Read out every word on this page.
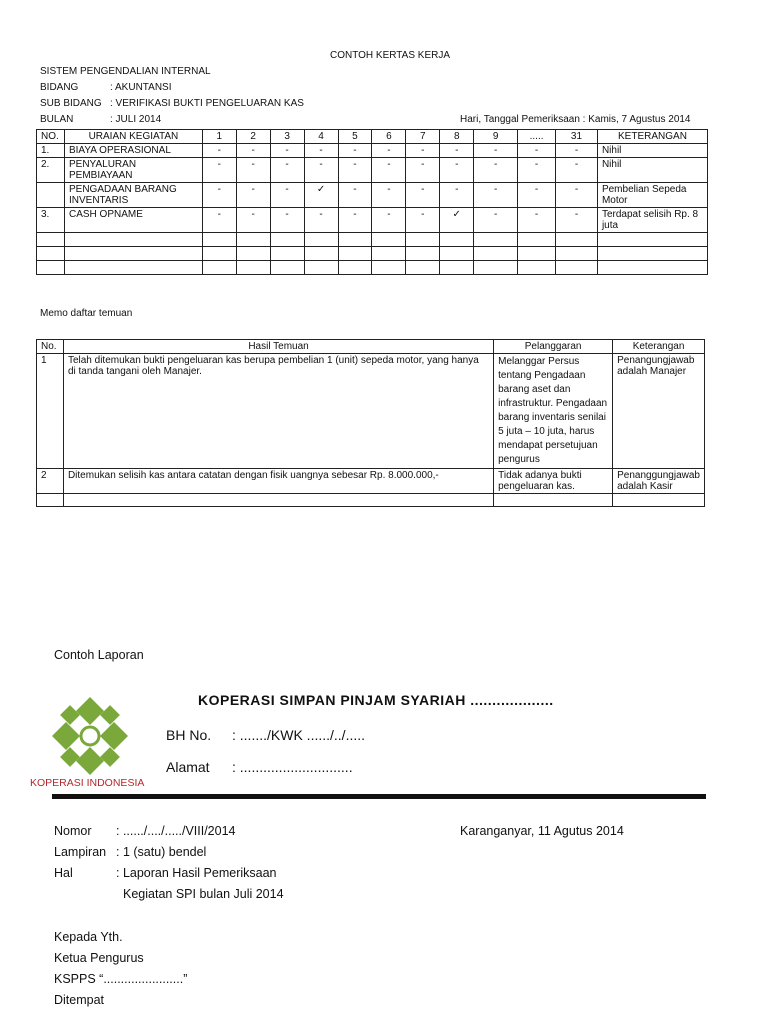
CONTOH KERTAS KERJA
SISTEM PENGENDALIAN INTERNAL
BIDANG	: AKUNTANSI
SUB BIDANG : VERIFIKASI BUKTI PENGELUARAN KAS
BULAN	: JULI 2014	Hari, Tanggal Pemeriksaan : Kamis, 7 Agustus 2014
NO.	URAIAN KEGIATAN	1	2	3	4	5	6	7	8	9	.....	31	KETERANGAN
1.	BIAYA OPERASIONAL	-	-	-	-	-	-	-	-	-	-	-	Nihil
2.	PENYALURAN PEMBIAYAAN	-	-	-	-	-	-	-	-	-	-	-	Nihil
	PENGADAAN BARANG INVENTARIS	-	-	-	✓	-	-	-	-	-	-	-	Pembelian Sepeda Motor
3.	CASH OPNAME	-	-	-	-	-	-	-	✓	-	-	-	Terdapat selisih Rp. 8 juta

Memo daftar temuan
No.	Hasil Temuan	Pelanggaran	Keterangan
1	Telah ditemukan bukti pengeluaran kas berupa pembelian 1 (unit) sepeda motor, yang hanya di tanda tangani oleh Manajer.	Melanggar Persus tentang Pengadaan barang aset dan infrastruktur. Pengadaan barang inventaris senilai 5 juta – 10 juta, harus mendapat persetujuan pengurus	Penangungjawab adalah Manajer
2	Ditemukan selisih kas antara catatan dengan fisik uangnya sebesar Rp. 8.000.000,-	Tidak adanya bukti pengeluaran kas.	Penanggungjawab adalah Kasir

Contoh Laporan
KOPERASI INDONESIA
KOPERASI SIMPAN PINJAM SYARIAH ...................
BH No. : ......./KWK ....../../.....
Alamat : .............................
Nomor : ....../..../...../VIII/2014	Karanganyar, 11 Agutus 2014
Lampiran : 1 (satu) bendel
Hal	: Laporan Hasil Pemeriksaan
Kegiatan SPI bulan Juli 2014
Kepada Yth.
Ketua Pengurus
KSPPS “.......................”
Ditempat
